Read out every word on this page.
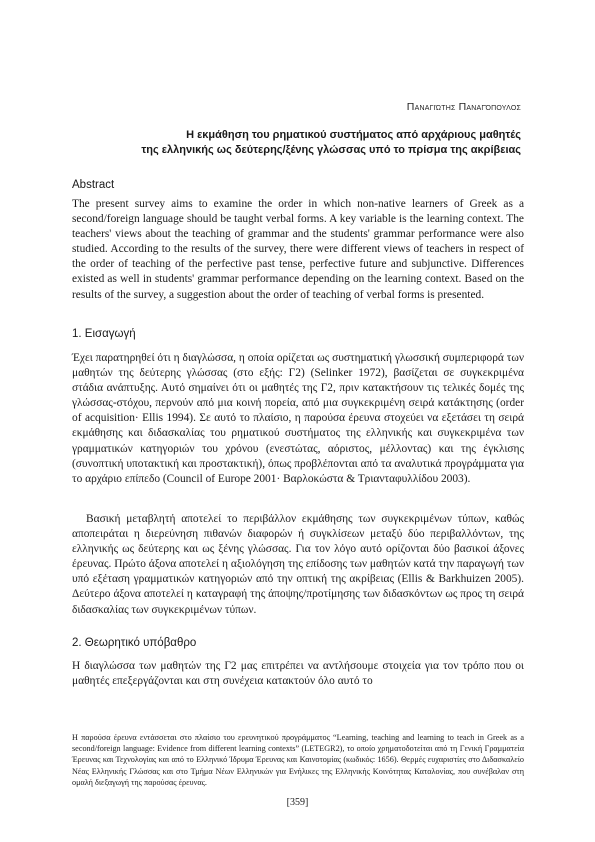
Παναγιώτης Παναγόπουλος
Η εκμάθηση του ρηματικού συστήματος από αρχάριους μαθητές
της ελληνικής ως δεύτερης/ξένης γλώσσας υπό το πρίσμα της ακρίβειας
Abstract

The present survey aims to examine the order in which non-native learners of Greek as a second/foreign language should be taught verbal forms. A key variable is the learning context. The teachers' views about the teaching of grammar and the students' grammar performance were also studied. According to the results of the survey, there were different views of teachers in respect of the order of teaching of the perfective past tense, perfective future and subjunctive. Differences existed as well in students' grammar performance depending on the learning context. Based on the results of the survey, a suggestion about the order of teaching of verbal forms is presented.

1. Εισαγωγή

Έχει παρατηρηθεί ότι η διαγλώσσα, η οποία ορίζεται ως συστηματική γλωσσική συμπεριφορά των μαθητών της δεύτερης γλώσσας (στο εξής: Γ2) (Selinker 1972), βασίζεται σε συγκεκριμένα στάδια ανάπτυξης. Αυτό σημαίνει ότι οι μαθητές της Γ2, πριν κατακτήσουν τις τελικές δομές της γλώσσας-στόχου, περνούν από μια κοινή πορεία, από μια συγκεκριμένη σειρά κατάκτησης (order of acquisition· Ellis 1994). Σε αυτό το πλαίσιο, η παρούσα έρευνα στοχεύει να εξετάσει τη σειρά εκμάθησης και διδασκαλίας του ρηματικού συστήματος της ελληνικής και συγκεκριμένα των γραμματικών κατηγοριών του χρόνου (ενεστώτας, αόριστος, μέλλοντας) και της έγκλισης (συνοπτική υποτακτική και προστακτική), όπως προβλέπονται από τα αναλυτικά προγράμματα για το αρχάριο επίπεδο (Council of Europe 2001· Βαρλοκώστα & Τριανταφυλλίδου 2003).

Βασική μεταβλητή αποτελεί το περιβάλλον εκμάθησης των συγκεκριμένων τύπων, καθώς αποπειράται η διερεύνηση πιθανών διαφορών ή συγκλίσεων μεταξύ δύο περιβαλλόντων, της ελληνικής ως δεύτερης και ως ξένης γλώσσας. Για τον λόγο αυτό ορίζονται δύο βασικοί άξονες έρευνας. Πρώτο άξονα αποτελεί η αξιολόγηση της επίδοσης των μαθητών κατά την παραγωγή των υπό εξέταση γραμματικών κατηγοριών από την οπτική της ακρίβειας (Ellis & Barkhuizen 2005). Δεύτερο άξονα αποτελεί η καταγραφή της άποψης/προτίμησης των διδασκόντων ως προς τη σειρά διδασκαλίας των συγκεκριμένων τύπων.

2. Θεωρητικό υπόβαθρο

Η διαγλώσσα των μαθητών της Γ2 μας επιτρέπει να αντλήσουμε στοιχεία για τον τρόπο που οι μαθητές επεξεργάζονται και στη συνέχεια κατακτούν όλο αυτό το

Η παρούσα έρευνα εντάσσεται στο πλαίσιο του ερευνητικού προγράμματος “Learning, teaching and learning to teach in Greek as a second/foreign language: Evidence from different learning contexts” (LETEGR2), το οποίο χρηματοδοτείται από τη Γενική Γραμματεία Έρευνας και Τεχνολογίας και από το Ελληνικό Ίδρυμα Έρευνας και Καινοτομίας (κωδικός: 1656). Θερμές ευχαριστίες στο Διδασκαλείο Νέας Ελληνικής Γλώσσας και στο Τμήμα Νέων Ελληνικών για Ενήλικες της Ελληνικής Κοινότητας Καταλονίας, που συνέβαλαν στη ομαλή διεξαγωγή της παρούσας έρευνας.

[359]
